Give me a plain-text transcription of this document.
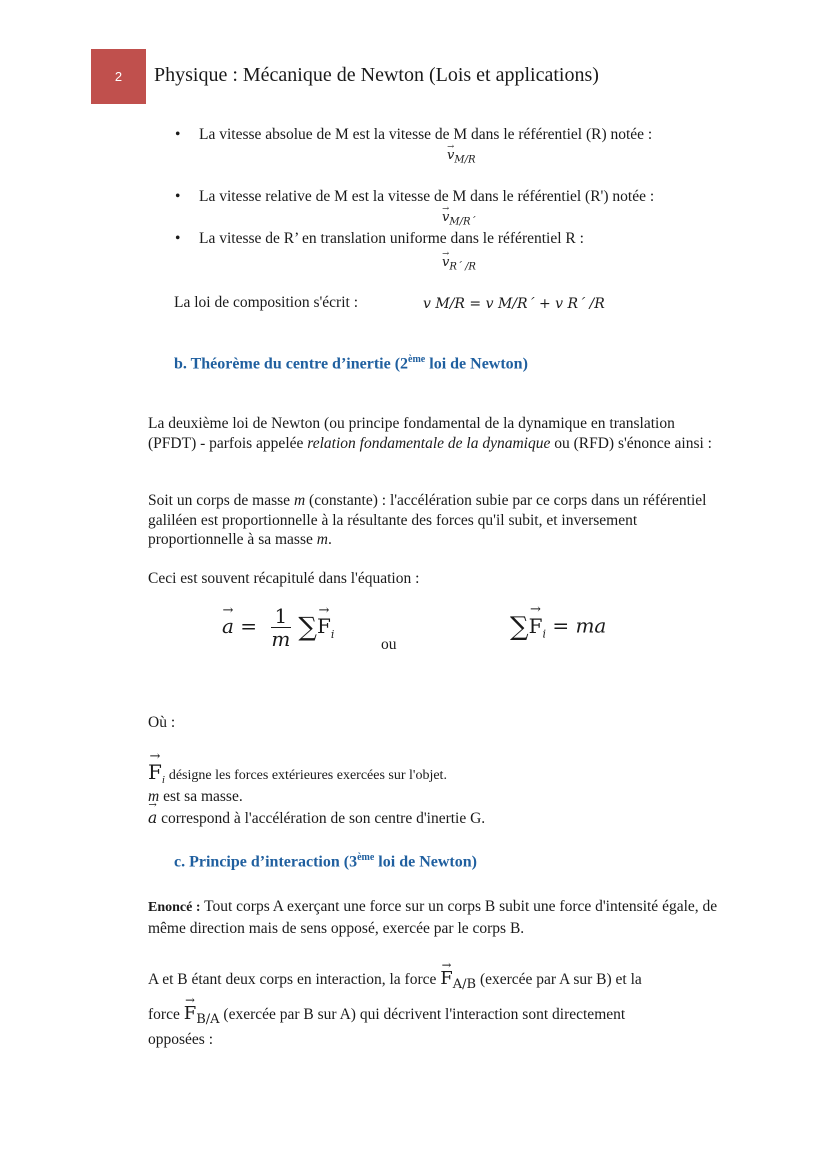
2 Physique : Mécanique de Newton (Lois et applications)
• La vitesse absolue de M est la vitesse de M dans le référentiel (R) notée :
→ $v_{M/R}$
• La vitesse relative de M est la vitesse de M dans le référentiel (R') notée :
→ $v_{M/R´}$
• La vitesse de R’ en translation uniforme dans le référentiel R :
→ $v_{R´ /R}$
La loi de composition s'écrit :	v M/R = v M/R´ + v R´ /R
b. Théorème du centre d’inertie (2ème loi de Newton)

La deuxième loi de Newton (ou principe fondamental de la dynamique en translation (PFDT) - parfois appelée relation fondamentale de la dynamique ou (RFD) s'énonce ainsi :

Soit un corps de masse m (constante) : l'accélération subie par ce corps dans un référentiel galiléen est proportionnelle à la résultante des forces qu'il subit, et inversement proportionnelle à sa masse m.

Ceci est souvent récapitulé dans l'équation :
→ $a = \frac{1}{m}$ ∑→ $F_i$
ou
∑→ $F_i$ = ma
Où :
→ $F_i$ désigne les forces extérieures exercées sur l'objet.
m est sa masse.
→ a correspond à l'accélération de son centre d'inertie G.
c. Principe d’interaction (3ème loi de Newton)

Enoncé : Tout corps A exerçant une force sur un corps B subit une force d'intensité égale, de même direction mais de sens opposé, exercée par le corps B.

A et B étant deux corps en interaction, la force → $F_{A/B}$ (exercée par A sur B) et la
force → $F_{B/A}$ (exercée par B sur A) qui décrivent l'interaction sont directement
opposées :
